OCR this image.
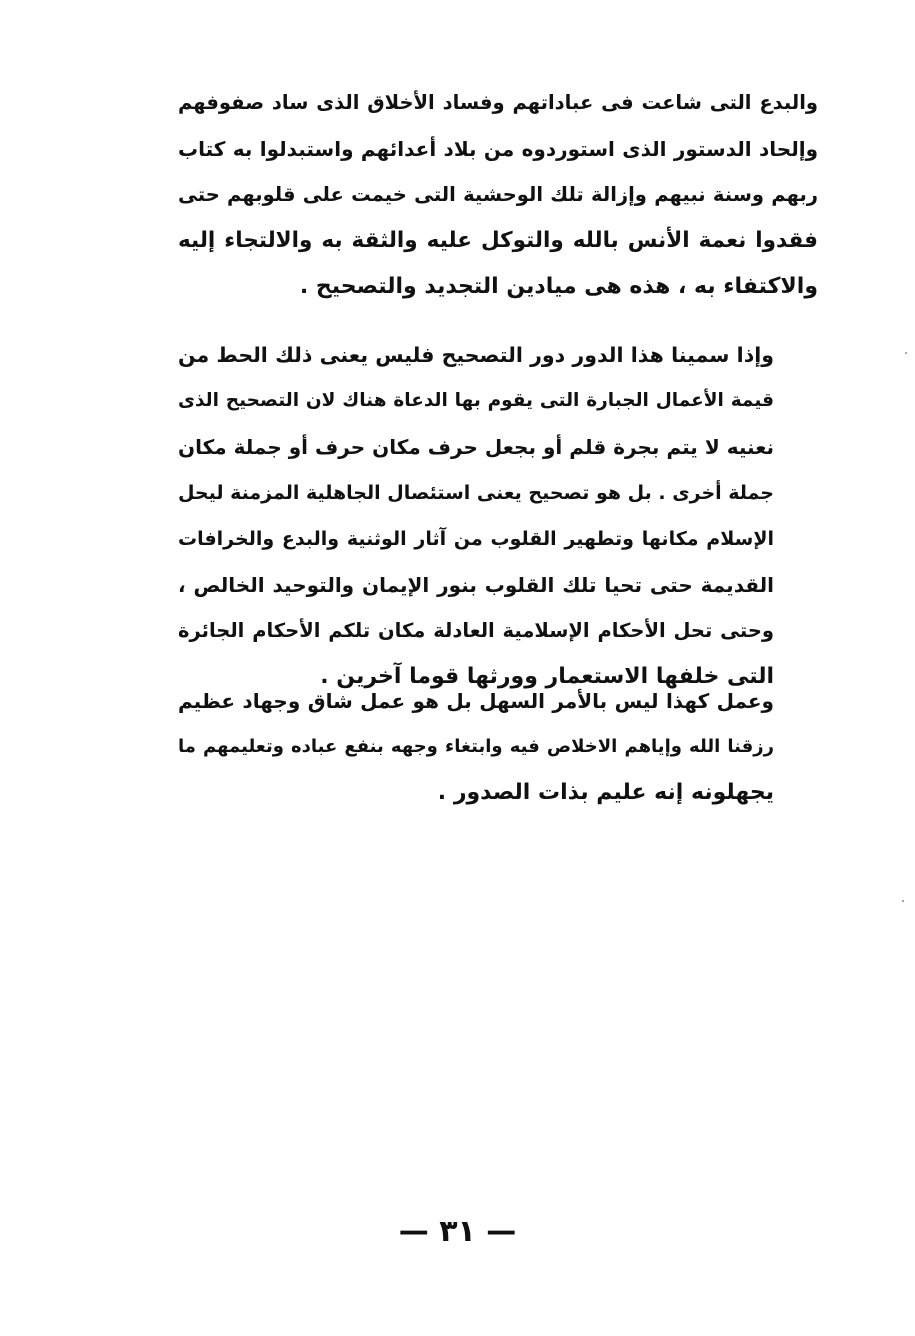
والبدع التى شاعت فى عباداتهم وفساد الأخلاق الذى ساد صفوفهم
وإلحاد الدستور الذى استوردوه من بلاد أعدائهم واستبدلوا به كتاب
ربهم وسنة نبيهم وإزالة تلك الوحشية التى خيمت على قلوبهم حتى
فقدوا نعمة الأنس بالله والتوكل عليه والثقة به والالتجاء إليه
والاكتفاء به ، هذه هى ميادين التجديد والتصحيح .
وإذا سمينا هذا الدور دور التصحيح فليس يعنى ذلك الحط من
قيمة الأعمال الجبارة التى يقوم بها الدعاة هناك لان التصحيح الذى
نعنيه لا يتم بجرة قلم أو بجعل حرف مكان حرف أو جملة مكان
جملة أخرى . بل هو تصحيح يعنى استئصال الجاهلية المزمنة ليحل
الإسلام مكانها وتطهير القلوب من آثار الوثنية والبدع والخرافات
القديمة حتى تحيا تلك القلوب بنور الإيمان والتوحيد الخالص ،
وحتى تحل الأحكام الإسلامية العادلة مكان تلكم الأحكام الجائرة
التى خلفها الاستعمار وورثها قوما آخرين .
وعمل كهذا ليس بالأمر السهل بل هو عمل شاق وجهاد عظيم
رزقنا الله وإياهم الاخلاص فيه وابتغاء وجهه بنفع عباده وتعليمهم ما
يجهلونه إنه عليم بذات الصدور .
— ٣١ —
